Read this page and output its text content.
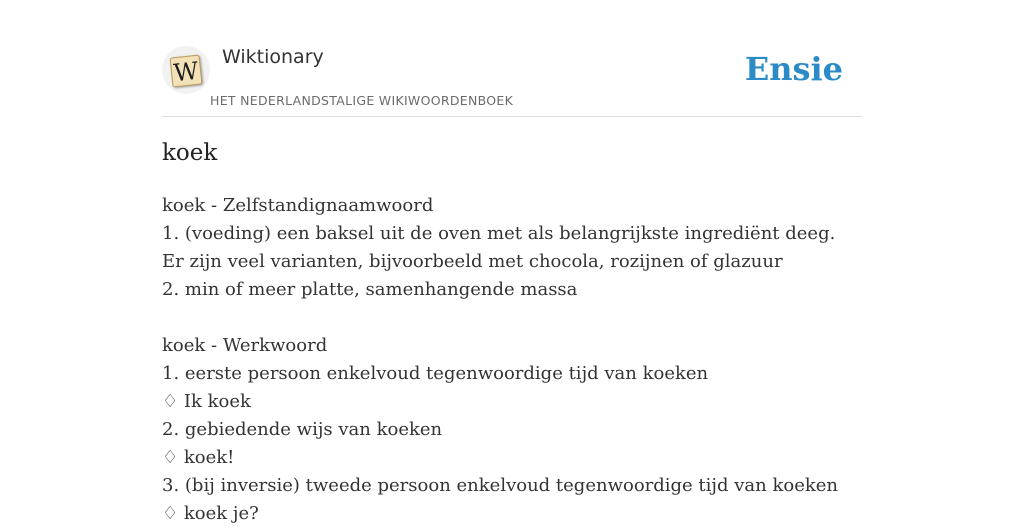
W Wiktionary
HET NEDERLANDSTALIGE WIKIWOORDENBOEK
Ensie
koek
koek - Zelfstandignaamwoord
1. (voeding) een baksel uit de oven met als belangrijkste ingrediënt deeg. Er zijn veel varianten, bijvoorbeeld met chocola, rozijnen of glazuur
2. min of meer platte, samenhangende massa
koek - Werkwoord
1. eerste persoon enkelvoud tegenwoordige tijd van koeken
♢ Ik koek
2. gebiedende wijs van koeken
♢ koek!
3. (bij inversie) tweede persoon enkelvoud tegenwoordige tijd van koeken
♢ koek je?
